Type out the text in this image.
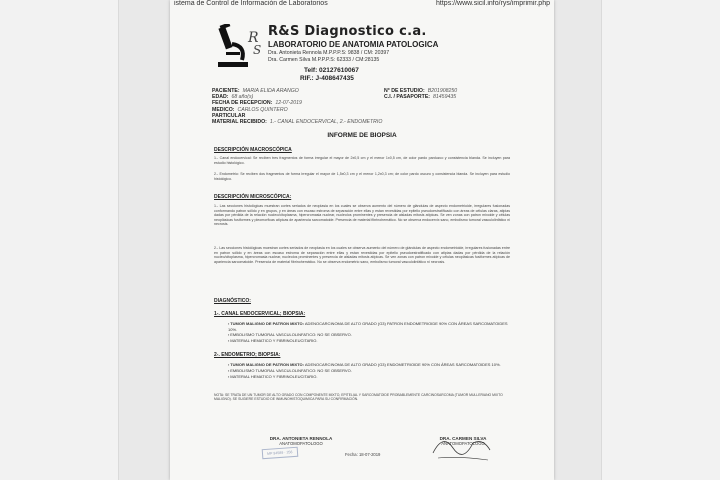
istema de Control de Información de Laboratorios	https://www.sicil.info/rys/imprimir.php
R
S
R&S Diagnostico c.a.
LABORATORIO DE ANATOMIA PATOLOGICA
Dra. Antonieta Rennola M.P.P.P.S: 9838 / CM: 20397
Dra. Carmen Silva M.P.P.P.S: 62333 / CM:28135
Telf: 02127610067
RIF.: J-408647435
PACIENTE: MARIA ELIDA ARANGO	N° DE ESTUDIO: B201908250
EDAD: 68 año(s)	C.I. / PASAPORTE: 81459435
FECHA DE RECEPCION: 12-07-2019
MEDICO: CARLOS QUINTERO
PARTICULAR
MATERIAL RECIBIDO: 1.- CANAL ENDOCERVICAL, 2.- ENDOMETRIO
INFORME DE BIOPSIA
DESCRIPCIÓN MACROSCÓPICA
1.- Canal endocervical: Se reciben tres fragmentos de forma irregular el mayor de 2x0,5 cm y el menor 1x0,5 cm, de color pardo parduzco y consistencia blanda. Se incluyen para estudio histológico.
2.- Endometrio: Se reciben dos fragmentos de forma irregular el mayor de 1,5x0,3 cm y el menor 1,2x0,3 cm; de color pardo oscuro y consistencia blanda. Se incluyen para estudio histológico.
DESCRIPCIÓN MICROSCÓPICA:
1.- Las secciones histológicas muestran cortes seriados de neoplasia en los cuales se observa aumento del número de glándulas de aspecto endometrioide, irregulares fusionadas conformando patron sólido y en grupos, y en áreas con escaso estroma de separación entre ellas y estan revestidas por epitelio pseudoestratificado con áreas de células claras, atipias dadas por pérdida de la relación nucleo/citoplasma, hipercromasia nuclear, nucleolos prominentes y presencia de aisladas mitosis atípicas. Se ven zonas con patron mixoide y células neoplásicas fusiformes y pleomorficas atípicas de apariencia sarcomatoide. Presencia de material fibrinohemático. No se observa endocervix sano, embolismo tumoral vasculolinfático ni necrosis.
2.- Las secciones histológicas muestran cortes seriados de neoplasia en los cuales se observa aumento del número de glándulas de aspecto endometrioide, irregulares fusionadas entre en patron sólido y en áreas con escaso estroma de separación entre ellas y estan revestidas por epitelio pseudoestratificado con atipias dadas por pérdida de la relación nucleo/citoplasma, hipercromasia nuclear, nucleolos prominentes y presencia de aisladas mitosis atípicas. Se ven zonas con patron mixoide y células neoplásicas fusiformes atípicas de apariencia sarcomatoide. Presencia de material fibrinohemático. No se observa endometrio sano, embolismo tumoral vasculolinfático ni necrosis.
DIAGNÓSTICO:
1-. CANAL ENDOCERVICAL; BIOPSIA:
▪ TUMOR MALIGNO DE PATRON MIXTO: ADENOCARCINOMA DE ALTO GRADO (G3) PATRON ENDOMETRIOIDE 90% CON ÁREAS SARCOMATOIDES 10%.
▪ EMBOLISMO TUMORAL VASCULOLINFATICO: NO SE OBSERVO.
▪ MATERIAL HEMATICO Y FIBRINOLEUCITARIO.
2-. ENDOMETRIO; BIOPSIA:
▪ TUMOR MALIGNO DE PATRON MIXTO: ADENOCARCINOMA DE ALTO GRADO (G3) ENDOMETRIOIDE 90% CON ÁREAS SARCOMATOIDES 10%.
▪ EMBOLISMO TUMORAL VASCULOLINFATICO: NO SE OBSERVO.
▪ MATERIAL HEMATICO Y FIBRINOLEUCITARIO.
NOTA: SE TRATA DE UN TUMOR DE ALTO GRADO CON COMPONENTE MIXTO, EPITELIAL Y SARCOMATOIDE PROBABLEMENTE CARCINOSARCOMA (TUMOR MULLERIANO MIXTO MALIGNO). SE SUGIERE ESTUDIO DE INMUNOHISTOQUIMICA PARA SU CONFIRMACIÓN.
MP 94589 · 256
DRA. ANTONIETA RENNOLA
ANATOMOPATOLOGO
Fecha: 18-07-2019
DRA. CARMEN SILVA
ANATOMOPATOLOGO
